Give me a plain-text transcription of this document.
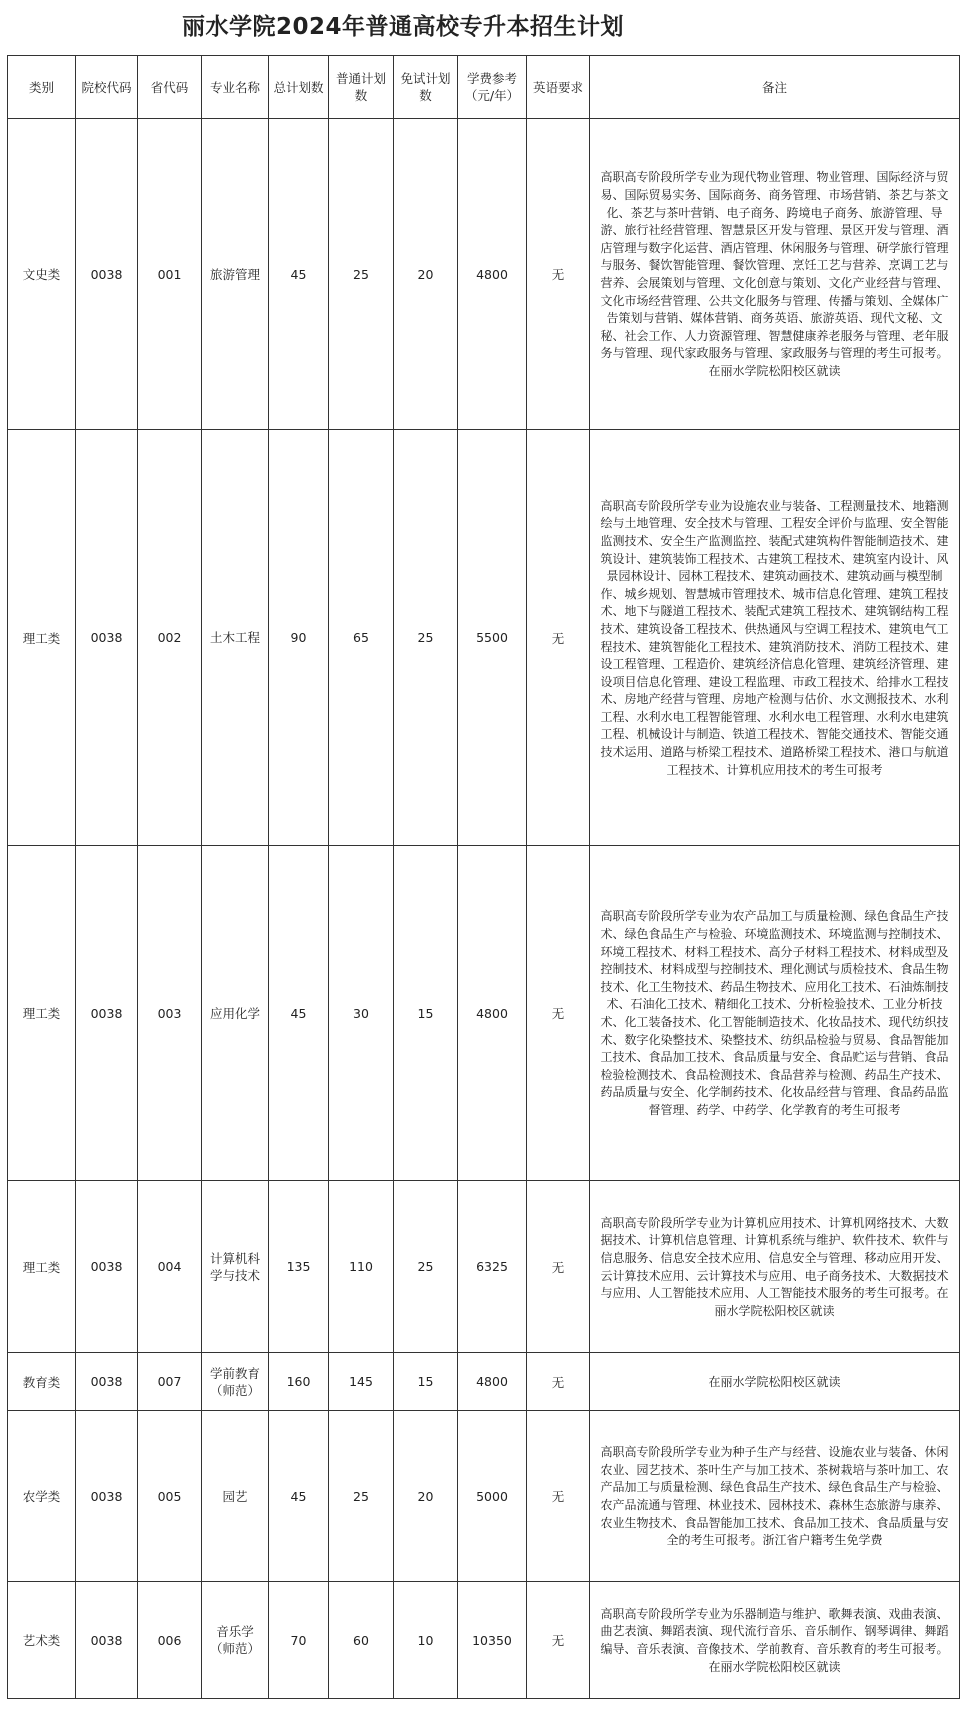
丽水学院2024年普通高校专升本招生计划
类别	院校代码	省代码	专业名称	总计划数	普通计划数	免试计划数	学费参考（元/年）	英语要求	备注
文史类	0038	001	旅游管理	45	25	20	4800	无	高职高专阶段所学专业为现代物业管理、物业管理、国际经济与贸易、国际贸易实务、国际商务、商务管理、市场营销、茶艺与茶文化、茶艺与茶叶营销、电子商务、跨境电子商务、旅游管理、导游、旅行社经营管理、智慧景区开发与管理、景区开发与管理、酒店管理与数字化运营、酒店管理、休闲服务与管理、研学旅行管理与服务、餐饮智能管理、餐饮管理、烹饪工艺与营养、烹调工艺与营养、会展策划与管理、文化创意与策划、文化产业经营与管理、文化市场经营管理、公共文化服务与管理、传播与策划、全媒体广告策划与营销、媒体营销、商务英语、旅游英语、现代文秘、文秘、社会工作、人力资源管理、智慧健康养老服务与管理、老年服务与管理、现代家政服务与管理、家政服务与管理的考生可报考。在丽水学院松阳校区就读
理工类	0038	002	土木工程	90	65	25	5500	无	高职高专阶段所学专业为设施农业与装备、工程测量技术、地籍测绘与土地管理、安全技术与管理、工程安全评价与监理、安全智能监测技术、安全生产监测监控、装配式建筑构件智能制造技术、建筑设计、建筑装饰工程技术、古建筑工程技术、建筑室内设计、风景园林设计、园林工程技术、建筑动画技术、建筑动画与模型制作、城乡规划、智慧城市管理技术、城市信息化管理、建筑工程技术、地下与隧道工程技术、装配式建筑工程技术、建筑钢结构工程技术、建筑设备工程技术、供热通风与空调工程技术、建筑电气工程技术、建筑智能化工程技术、建筑消防技术、消防工程技术、建设工程管理、工程造价、建筑经济信息化管理、建筑经济管理、建设项目信息化管理、建设工程监理、市政工程技术、给排水工程技术、房地产经营与管理、房地产检测与估价、水文测报技术、水利工程、水利水电工程智能管理、水利水电工程管理、水利水电建筑工程、机械设计与制造、铁道工程技术、智能交通技术、智能交通技术运用、道路与桥梁工程技术、道路桥梁工程技术、港口与航道工程技术、计算机应用技术的考生可报考
理工类	0038	003	应用化学	45	30	15	4800	无	高职高专阶段所学专业为农产品加工与质量检测、绿色食品生产技术、绿色食品生产与检验、环境监测技术、环境监测与控制技术、环境工程技术、材料工程技术、高分子材料工程技术、材料成型及控制技术、材料成型与控制技术、理化测试与质检技术、食品生物技术、化工生物技术、药品生物技术、应用化工技术、石油炼制技术、石油化工技术、精细化工技术、分析检验技术、工业分析技术、化工装备技术、化工智能制造技术、化妆品技术、现代纺织技术、数字化染整技术、染整技术、纺织品检验与贸易、食品智能加工技术、食品加工技术、食品质量与安全、食品贮运与营销、食品检验检测技术、食品检测技术、食品营养与检测、药品生产技术、药品质量与安全、化学制药技术、化妆品经营与管理、食品药品监督管理、药学、中药学、化学教育的考生可报考
理工类	0038	004	计算机科学与技术	135	110	25	6325	无	高职高专阶段所学专业为计算机应用技术、计算机网络技术、大数据技术、计算机信息管理、计算机系统与维护、软件技术、软件与信息服务、信息安全技术应用、信息安全与管理、移动应用开发、云计算技术应用、云计算技术与应用、电子商务技术、大数据技术与应用、人工智能技术应用、人工智能技术服务的考生可报考。在丽水学院松阳校区就读
教育类	0038	007	学前教育（师范）	160	145	15	4800	无	在丽水学院松阳校区就读
农学类	0038	005	园艺	45	25	20	5000	无	高职高专阶段所学专业为种子生产与经营、设施农业与装备、休闲农业、园艺技术、茶叶生产与加工技术、茶树栽培与茶叶加工、农产品加工与质量检测、绿色食品生产技术、绿色食品生产与检验、农产品流通与管理、林业技术、园林技术、森林生态旅游与康养、农业生物技术、食品智能加工技术、食品加工技术、食品质量与安全的考生可报考。浙江省户籍考生免学费
艺术类	0038	006	音乐学（师范）	70	60	10	10350	无	高职高专阶段所学专业为乐器制造与维护、歌舞表演、戏曲表演、曲艺表演、舞蹈表演、现代流行音乐、音乐制作、钢琴调律、舞蹈编导、音乐表演、音像技术、学前教育、音乐教育的考生可报考。在丽水学院松阳校区就读
